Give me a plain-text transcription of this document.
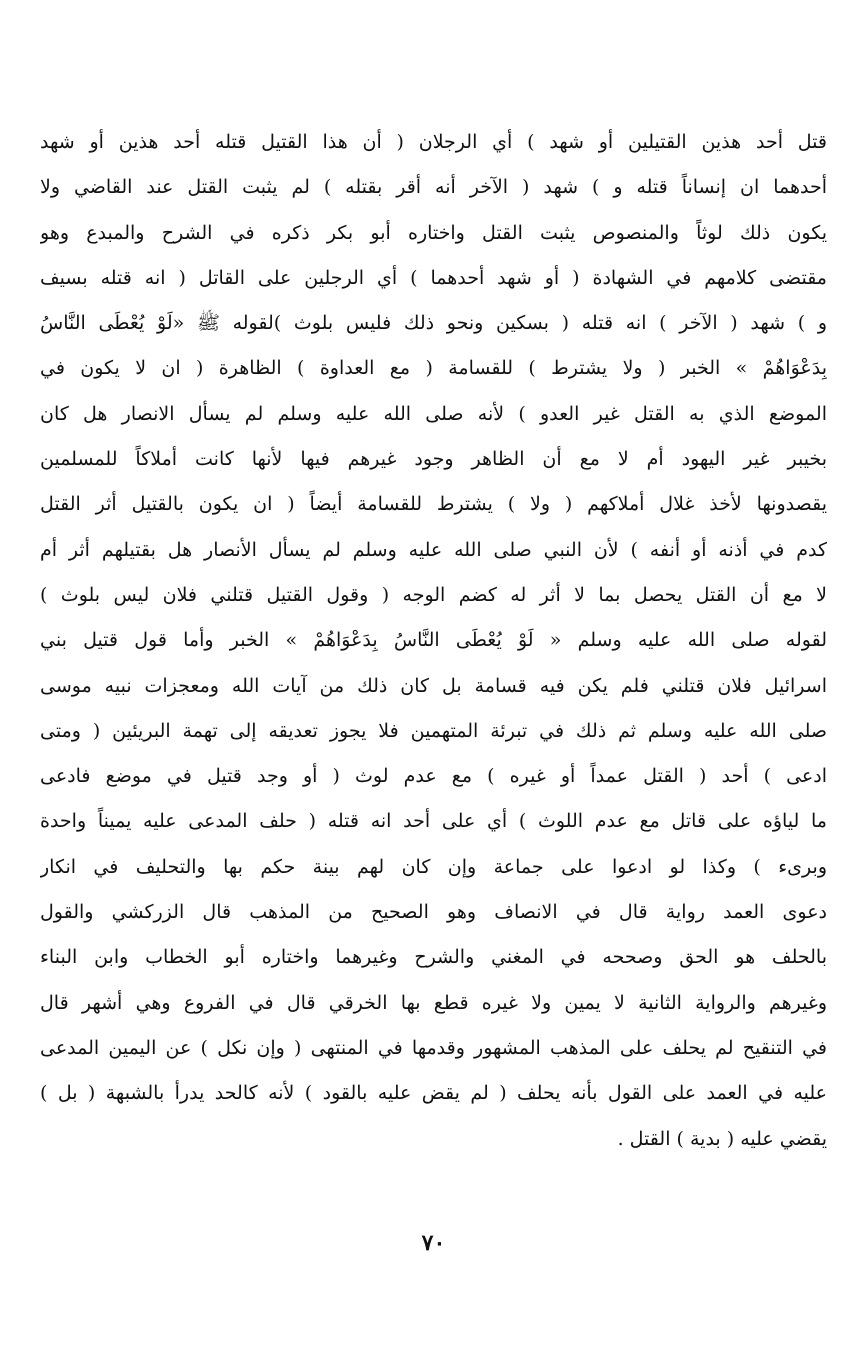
قتل أحد هذين القتيلين أو شهد ) أي الرجلان ( أن هذا القتيل قتله أحد هذين أو شهد
أحدهما ان إنساناً قتله و ) شهد ( الآخر أنه أقر بقتله ) لم يثبت القتل عند القاضي ولا
يكون ذلك لوثاً والمنصوص يثبت القتل واختاره أبو بكر ذكره في الشرح والمبدع وهو
مقتضى كلامهم في الشهادة ( أو شهد أحدهما ) أي الرجلين على القاتل ( انه قتله بسيف
و ) شهد ( الآخر ) انه قتله ( بسكين ونحو ذلك فليس بلوث )لقوله ﷺ «لَوْ يُعْطَى النَّاسُ
بِدَعْوَاهُمْ » الخبر ( ولا يشترط ) للقسامة ( مع العداوة ) الظاهرة ( ان لا يكون في
الموضع الذي به القتل غير العدو ) لأنه صلى الله عليه وسلم لم يسأل الانصار هل كان
بخيبر غير اليهود أم لا مع أن الظاهر وجود غيرهم فيها لأنها كانت أملاكاً للمسلمين
يقصدونها لأخذ غلال أملاكهم ( ولا ) يشترط للقسامة أيضاً ( ان يكون بالقتيل أثر القتل
كدم في أذنه أو أنفه ) لأن النبي صلى الله عليه وسلم لم يسأل الأنصار هل بقتيلهم أثر أم
لا مع أن القتل يحصل بما لا أثر له كضم الوجه ( وقول القتيل قتلني فلان ليس بلوث )
لقوله صلى الله عليه وسلم « لَوْ يُعْطَى النَّاسُ بِدَعْوَاهُمْ » الخبر وأما قول قتيل بني
اسرائيل فلان قتلني فلم يكن فيه قسامة بل كان ذلك من آيات الله ومعجزات نبيه موسى
صلى الله عليه وسلم ثم ذلك في تبرئة المتهمين فلا يجوز تعديقه إلى تهمة البريئين ( ومتى
ادعى ) أحد ( القتل عمداً أو غيره ) مع عدم لوث ( أو وجد قتيل في موضع فادعى
ما لياؤه على قاتل مع عدم اللوث ) أي على أحد انه قتله ( حلف المدعى عليه يميناً واحدة
وبرىء ) وكذا لو ادعوا على جماعة وإن كان لهم بينة حكم بها والتحليف في انكار
دعوى العمد رواية قال في الانصاف وهو الصحيح من المذهب قال الزركشي والقول
بالحلف هو الحق وصححه في المغني والشرح وغيرهما واختاره أبو الخطاب وابن البناء
وغيرهم والرواية الثانية لا يمين ولا غيره قطع بها الخرقي قال في الفروع وهي أشهر قال
في التنقيح لم يحلف على المذهب المشهور وقدمها في المنتهى ( وإن نكل ) عن اليمين المدعى
عليه في العمد على القول بأنه يحلف ( لم يقض عليه بالقود ) لأنه كالحد يدرأ بالشبهة ( بل )
يقضي عليه ( بدية ) القتل .
٧٠
